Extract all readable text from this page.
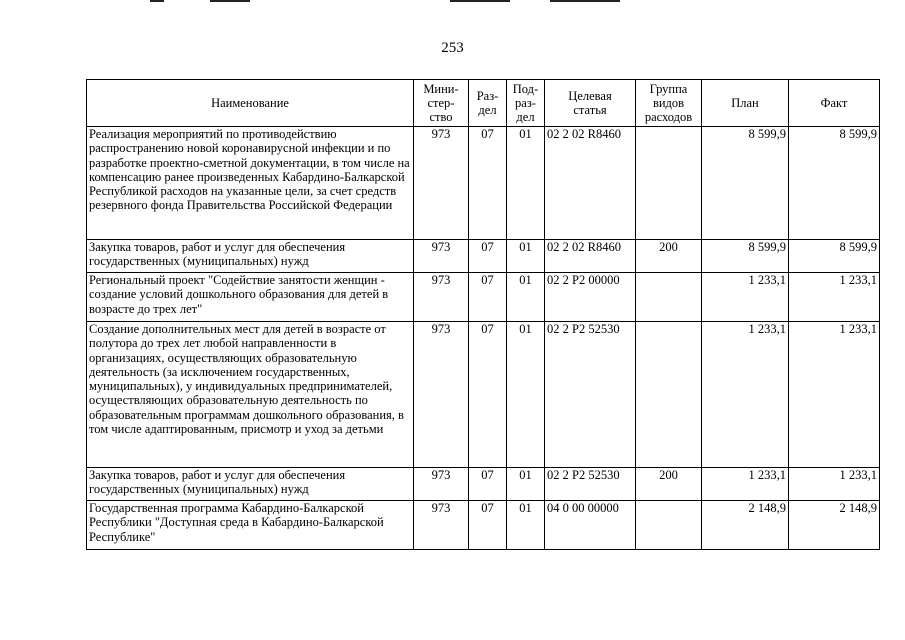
253
Наименование	Мини-
стер-
ство	Раз-
дел	Под-
раз-
дел	Целевая
статья	Группа
видов
расходов	План	Факт

Реализация мероприятий по противодействию распространению новой коронавирусной инфекции и по разработке проектно-сметной документации, в том числе на компенсацию ранее произведенных Кабардино-Балкарской Республикой расходов на указанные цели, за счет средств резервного фонда Правительства Российской Федерации	973	07	01	02 2 02 R8460		8 599,9	8 599,9
Закупка товаров, работ и услуг для обеспечения государственных (муниципальных) нужд	973	07	01	02 2 02 R8460	200	8 599,9	8 599,9
Региональный проект "Содействие занятости женщин - создание условий дошкольного образования для детей в возрасте до трех лет"	973	07	01	02 2 P2 00000		1 233,1	1 233,1
Создание дополнительных мест для детей в возрасте от полутора до трех лет любой направленности в организациях, осуществляющих образовательную деятельность (за исключением государственных, муниципальных), у индивидуальных предпринимателей, осуществляющих образовательную деятельность по образовательным программам дошкольного образования, в том числе адаптированным, присмотр и уход за детьми	973	07	01	02 2 P2 52530		1 233,1	1 233,1
Закупка товаров, работ и услуг для обеспечения государственных (муниципальных) нужд	973	07	01	02 2 P2 52530	200	1 233,1	1 233,1
Государственная программа Кабардино-Балкарской Республики "Доступная среда в Кабардино-Балкарской Республике"	973	07	01	04 0 00 00000		2 148,9	2 148,9
